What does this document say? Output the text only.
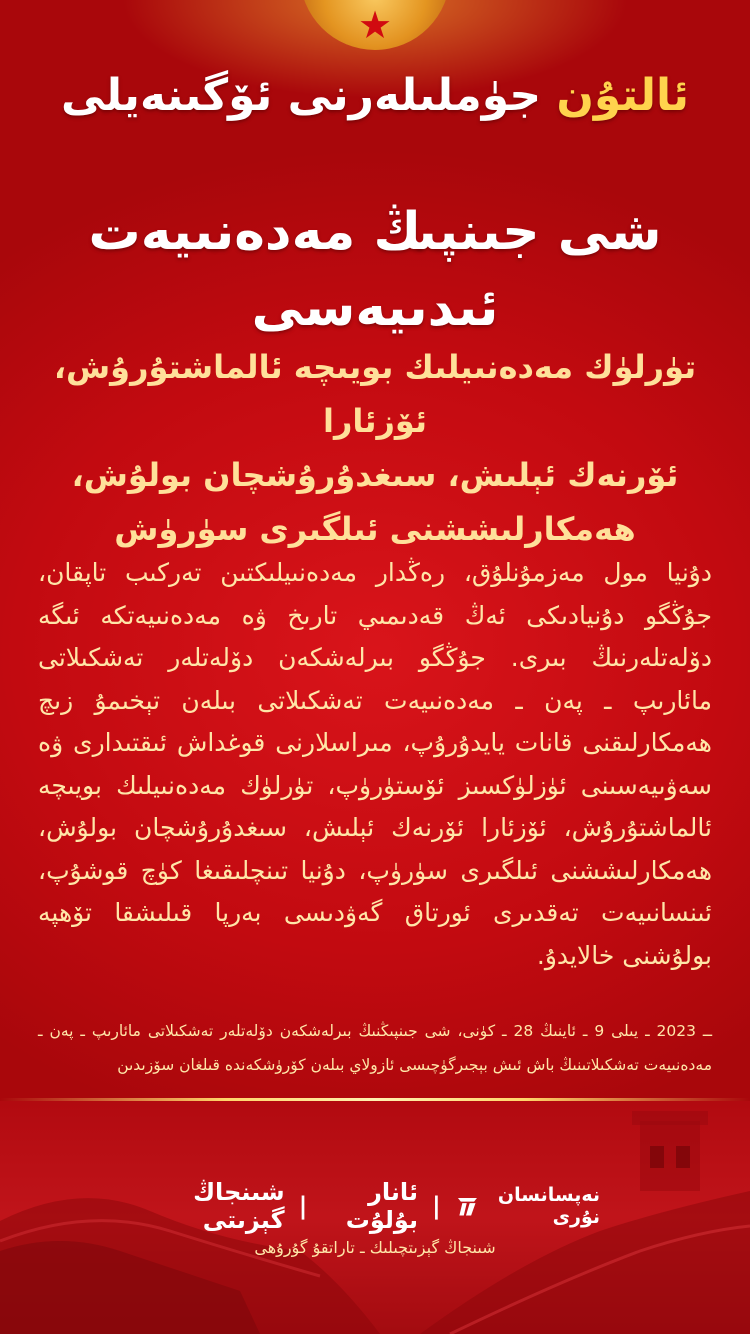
★
ئالتۇن جۈملىلەرنى ئۆگىنەيلى
شى جىنپىڭ مەدەنىيەت ئىدىيەسى
تۈرلۈك مەدەنىيلىك بويىچە ئالماشتۇرۇش، ئۆزئارا
ئۆرنەك ئېلىش، سىغدۇرۇشچان بولۇش،
ھەمكارلىششنى ئىلگىرى سۈرۈش
دۇنيا مول مەزمۇنلۇق، رەڭدار مەدەنىيلىكتىن تەركىب تاپقان، جۇڭگو دۇنيادىكى ئەڭ قەدىمىي تارىخ ۋە مەدەنىيەتكە ئىگە دۆلەتلەرنىڭ بىرى. جۇڭگو بىرلەشكەن دۆلەتلەر تەشكىلاتى مائارىپ ـ پەن ـ مەدەنىيەت تەشكىلاتى بىلەن تېخىمۇ زىچ ھەمكارلىقنى قانات يايدۇرۇپ، مىراسلارنى قوغداش ئىقتىدارى ۋە سەۋىيەسىنى ئۈزلۈكسىز ئۆستۈرۈپ، تۈرلۈك مەدەنىيلىك بويىچە ئالماشتۇرۇش، ئۆزئارا ئۆرنەك ئېلىش، سىغدۇرۇشچان بولۇش، ھەمكارلىششنى ئىلگىرى سۈرۈپ، دۇنيا تىنچلىقىغا كۈچ قوشۇپ، ئىنسانىيەت تەقدىرى ئورتاق گەۋدىسى بەرپا قىلىشقا تۆھپە بولۇشنى خالايدۇ.
ــ 2023 ـ يىلى 9 ـ ئاينىڭ 28 ـ كۈنى، شى جىنپىڭنىڭ بىرلەشكەن دۆلەتلەر تەشكىلاتى مائارىپ ـ پەن ـ مەدەنىيەت تەشكىلاتىنىڭ باش ئىش بېجىرگۈچىسى ئازولاي بىلەن كۆرۈشكەندە قىلغان سۆزىدىن
شىنجاڭ گېزىتى |	ئانار بۇلۇت |	نەپسانسان نۇرى
شىنجاڭ گېزىتچىلىك ـ تاراتقۇ گۇرۇھى
